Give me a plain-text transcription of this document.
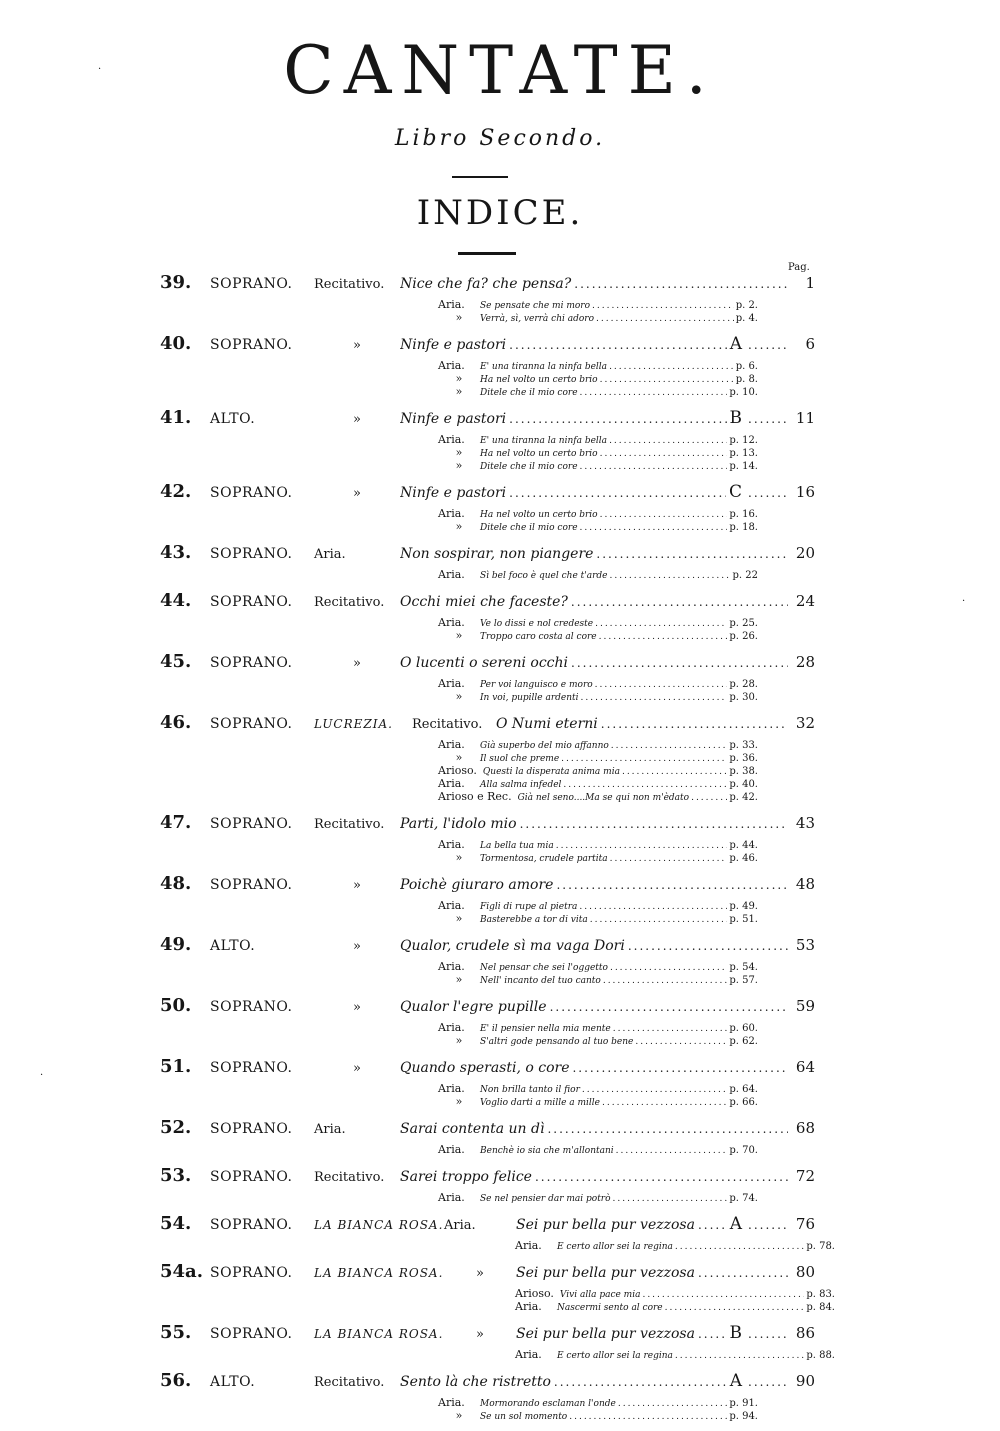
CANTATE.
Libro Secondo.
INDICE.
Pag.
·
·
·
39.	SOPRANO.	Recitativo.	Nice che fa? che pensa? .....	1
Aria.	Se pensate che mi moro .....	p. 2.
»	Verrà, sì, verrà chi adoro .....	p. 4.
40.	SOPRANO.	»	Ninfe e pastori .....	A .....	6
Aria.	E' una tiranna la ninfa bella .....	p. 6.
»	Ha nel volto un certo brio .....	p. 8.
»	Ditele che il mio core .....	p. 10.
41.	ALTO.	»	Ninfe e pastori .....	B .....	11
Aria.	E' una tiranna la ninfa bella .....	p. 12.
»	Ha nel volto un certo brio .....	p. 13.
»	Ditele che il mio core .....	p. 14.
42.	SOPRANO.	»	Ninfe e pastori .....	C .....	16
Aria.	Ha nel volto un certo brio .....	p. 16.
»	Ditele che il mio core .....	p. 18.
43.	SOPRANO.	Aria.	Non sospirar, non piangere .....	20
Aria.	Sì bel foco è quel che t'arde .....	p. 22
44.	SOPRANO.	Recitativo.	Occhi miei che faceste? .....	24
Aria.	Ve lo dissi e nol credeste .....	p. 25.
»	Troppo caro costa al core .....	p. 26.
45.	SOPRANO.	»	O lucenti o sereni occhi .....	28
Aria.	Per voi languisco e moro .....	p. 28.
»	In voi, pupille ardenti .....	p. 30.
46.	SOPRANO.	LUCREZIA.	Recitativo. O Numi eterni .....	32
Aria.	Già superbo del mio affanno .....	p. 33.
»	Il suol che preme .....	p. 36.
Arioso. Questi la disperata anima mia .....	p. 38.
Aria.	Alla salma infedel .....	p. 40.
Arioso e Rec. Già nel seno....Ma se qui non m'èdato .....	p. 42.
47.	SOPRANO.	Recitativo.	Parti, l'idolo mio .....	43
Aria.	La bella tua mia .....	p. 44.
»	Tormentosa, crudele partita .....	p. 46.
48.	SOPRANO.	»	Poichè giuraro amore .....	48
Aria.	Figli di rupe al pietra .....	p. 49.
»	Basterebbe a tor di vita .....	p. 51.
49.	ALTO.	»	Qualor, crudele sì ma vaga Dori .....	53
Aria.	Nel pensar che sei l'oggetto .....	p. 54.
»	Nell' incanto del tuo canto .....	p. 57.
50.	SOPRANO.	»	Qualor l'egre pupille .....	59
Aria.	E' il pensier nella mia mente .....	p. 60.
»	S'altri gode pensando al tuo bene .....	p. 62.
51.	SOPRANO.	»	Quando sperasti, o core .....	64
Aria.	Non brilla tanto il fior .....	p. 64.
»	Voglio darti a mille a mille .....	p. 66.
52.	SOPRANO.	Aria.	Sarai contenta un dì .....	68
Aria.	Benchè io sia che m'allontani .....	p. 70.
53.	SOPRANO.	Recitativo.	Sarei troppo felice .....	72
Aria.	Se nel pensier dar mai potrò .....	p. 74.
54.	SOPRANO.	LA BIANCA ROSA. Aria.	Sei pur bella pur vezzosa ..... A .....	76
Aria.	E certo allor sei la regina .....	p. 78.
54a. SOPRANO.	LA BIANCA ROSA.	»	Sei pur bella pur vezzosa .....	80
Arioso. Vivi alla pace mia .....	p. 83.
Aria.	Nascermi sento al core .....	p. 84.
55.	SOPRANO.	LA BIANCA ROSA.	»	Sei pur bella pur vezzosa ..... B .....	86
Aria.	E certo allor sei la regina .....	p. 88.
56.	ALTO.	Recitativo.	Sento là che ristretto .....	A .....	90
Aria.	Mormorando esclaman l'onde .....	p. 91.
»	Se un sol momento .....	p. 94.
